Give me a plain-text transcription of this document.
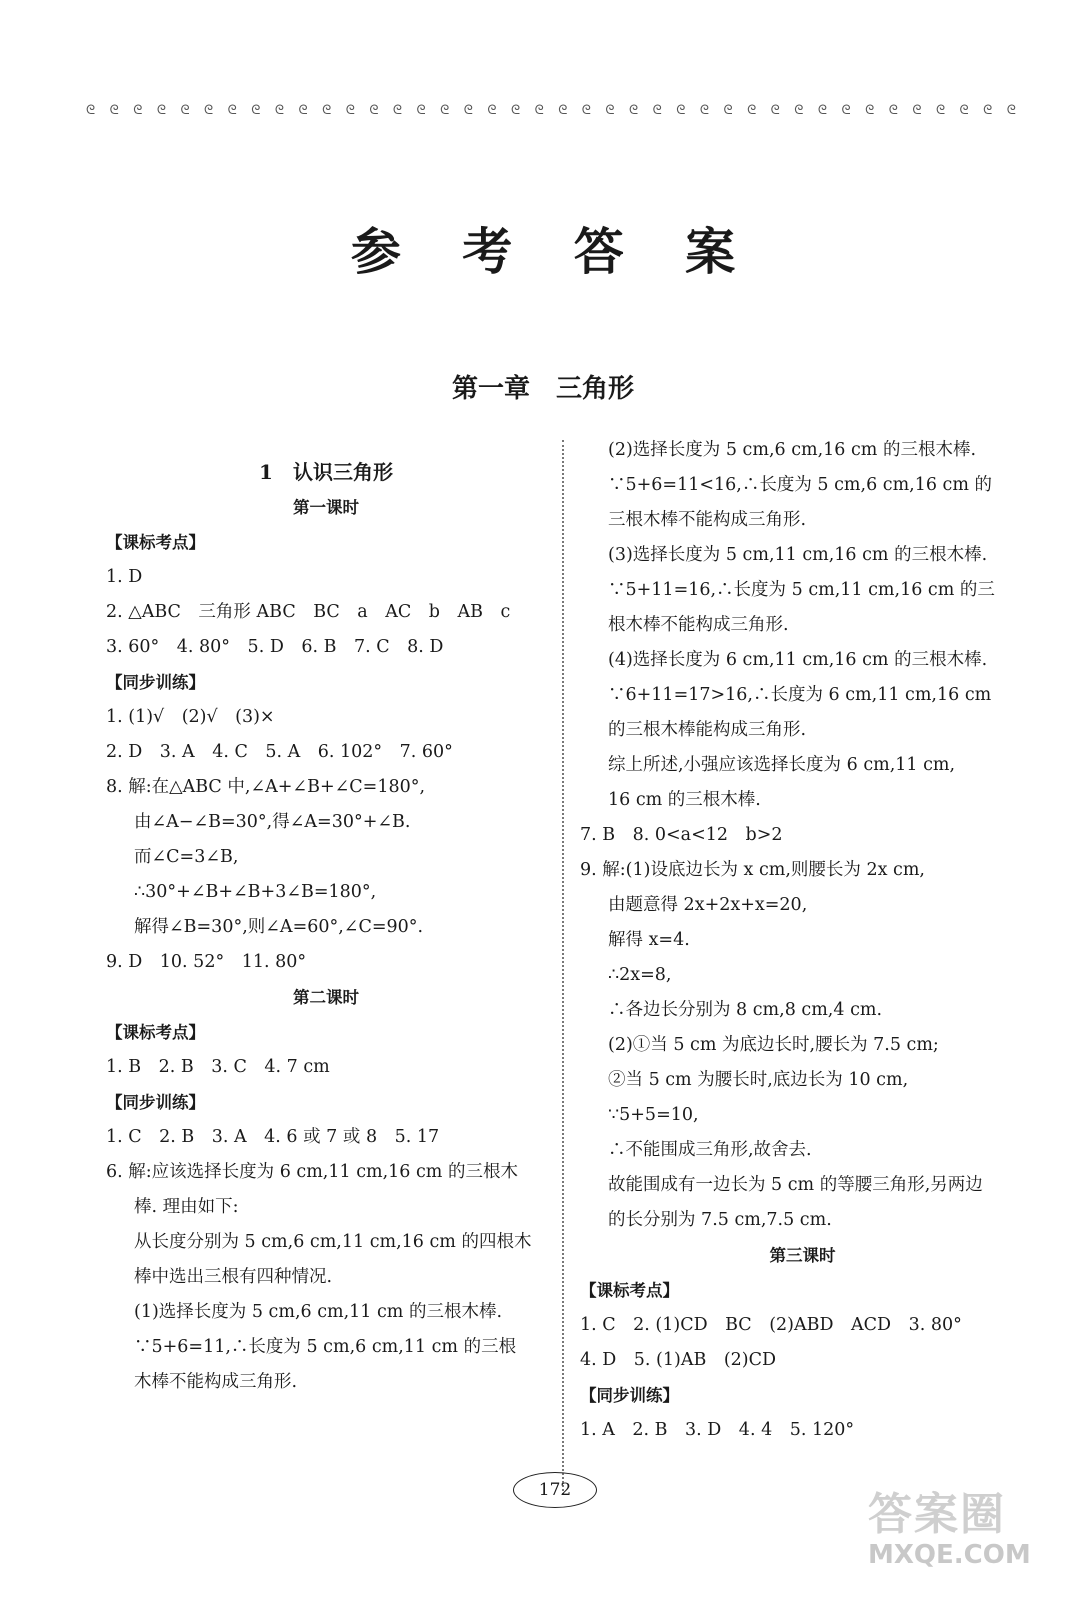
ᘓ ᘓ ᘓ ᘓ ᘓ ᘓ ᘓ ᘓ ᘓ ᘓ ᘓ ᘓ ᘓ ᘓ ᘓ ᘓ ᘓ ᘓ ᘓ ᘓ ᘓ ᘓ ᘓ ᘓ ᘓ ᘓ ᘓ ᘓ ᘓ ᘓ ᘓ ᘓ ᘓ ᘓ ᘓ ᘓ ᘓ ᘓ ᘓ ᘓ
参 考 答 案
第一章 三角形
1　认识三角形
第一课时
【课标考点】
1. D
2. △ABC　三角形 ABC　BC　a　AC　b　AB　c
3. 60°　4. 80°　5. D　6. B　7. C　8. D
【同步训练】
1. (1)√　(2)√　(3)×
2. D　3. A　4. C　5. A　6. 102°　7. 60°
8. 解:在△ABC 中,∠A+∠B+∠C=180°,
由∠A−∠B=30°,得∠A=30°+∠B.
而∠C=3∠B,
∴30°+∠B+∠B+3∠B=180°,
解得∠B=30°,则∠A=60°,∠C=90°.
9. D　10. 52°　11. 80°
第二课时
【课标考点】
1. B　2. B　3. C　4. 7 cm
【同步训练】
1. C　2. B　3. A　4. 6 或 7 或 8　5. 17
6. 解:应该选择长度为 6 cm,11 cm,16 cm 的三根木
棒. 理由如下:
从长度分别为 5 cm,6 cm,11 cm,16 cm 的四根木
棒中选出三根有四种情况.
(1)选择长度为 5 cm,6 cm,11 cm 的三根木棒.
∵5+6=11,∴长度为 5 cm,6 cm,11 cm 的三根
木棒不能构成三角形.
(2)选择长度为 5 cm,6 cm,16 cm 的三根木棒.
∵5+6=11<16,∴长度为 5 cm,6 cm,16 cm 的
三根木棒不能构成三角形.
(3)选择长度为 5 cm,11 cm,16 cm 的三根木棒.
∵5+11=16,∴长度为 5 cm,11 cm,16 cm 的三
根木棒不能构成三角形.
(4)选择长度为 6 cm,11 cm,16 cm 的三根木棒.
∵6+11=17>16,∴长度为 6 cm,11 cm,16 cm
的三根木棒能构成三角形.
综上所述,小强应该选择长度为 6 cm,11 cm,
16 cm 的三根木棒.
7. B　8. 0<a<12　b>2
9. 解:(1)设底边长为 x cm,则腰长为 2x cm,
由题意得 2x+2x+x=20,
解得 x=4.
∴2x=8,
∴各边长分别为 8 cm,8 cm,4 cm.
(2)①当 5 cm 为底边长时,腰长为 7.5 cm;
②当 5 cm 为腰长时,底边长为 10 cm,
∵5+5=10,
∴不能围成三角形,故舍去.
故能围成有一边长为 5 cm 的等腰三角形,另两边
的长分别为 7.5 cm,7.5 cm.
第三课时
【课标考点】
1. C　2. (1)CD　BC　(2)ABD　ACD　3. 80°
4. D　5. (1)AB　(2)CD
【同步训练】
1. A　2. B　3. D　4. 4　5. 120°
172	答案圈
MXQE.COM
